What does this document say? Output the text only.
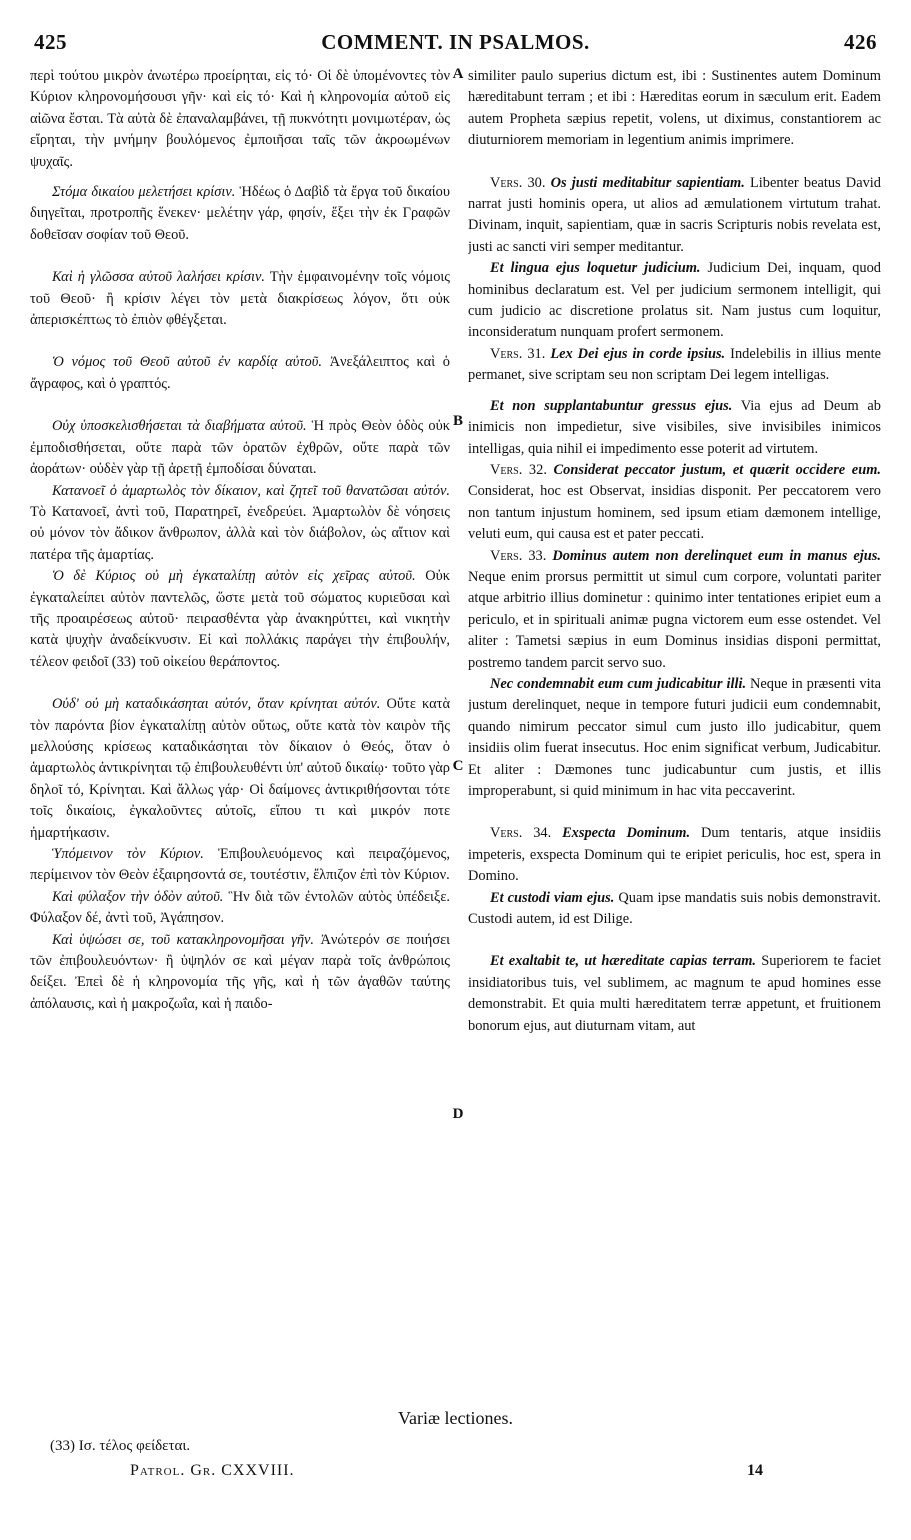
425	COMMENT. IN PSALMOS.	426

περὶ τούτου μικρὸν ἀνωτέρω προείρηται, εἰς τό· Οἱ δὲ ὑπομένοντες τὸν Κύριον κληρονομήσουσι γῆν· καὶ εἰς τό· Καὶ ἡ κληρονομία αὐτοῦ εἰς αἰῶνα ἔσται. Τὰ αὐτὰ δὲ ἐπαναλαμβάνει, τῇ πυκνότητι μονιμωτέραν, ὡς εἴρηται, τὴν μνήμην βουλόμενος ἐμποιῆσαι ταῖς τῶν ἀκροωμένων ψυχαῖς.

Στόμα δικαίου μελετήσει κρίσιν. Ἡδέως ὁ Δαβὶδ τὰ ἔργα τοῦ δικαίου διηγεῖται, προτροπῆς ἕνεκεν· μελέτην γάρ, φησίν, ἕξει τὴν ἐκ Γραφῶν δοθεῖσαν σοφίαν τοῦ Θεοῦ.

Καὶ ἡ γλῶσσα αὐτοῦ λαλήσει κρίσιν. Τὴν ἐμφαινομένην τοῖς νόμοις τοῦ Θεοῦ· ἢ κρίσιν λέγει τὸν μετὰ διακρίσεως λόγον, ὅτι οὐκ ἀπερισκέπτως τὸ ἐπιὸν φθέγξεται.

Ὁ νόμος τοῦ Θεοῦ αὐτοῦ ἐν καρδίᾳ αὐτοῦ. Ἀνεξάλειπτος καὶ ὁ ἄγραφος, καὶ ὁ γραπτός.

Οὐχ ὑποσκελισθήσεται τὰ διαβήματα αὐτοῦ. Ἡ πρὸς Θεὸν ὁδὸς οὐκ ἐμποδισθήσεται, οὔτε παρὰ τῶν ὁρατῶν ἐχθρῶν, οὔτε παρὰ τῶν ἀοράτων· οὐδὲν γὰρ τῇ ἀρετῇ ἐμποδίσαι δύναται.

Κατανοεῖ ὁ ἁμαρτωλὸς τὸν δίκαιον, καὶ ζητεῖ τοῦ θανατῶσαι αὐτόν. Τὸ Κατανοεῖ, ἀντὶ τοῦ, Παρατηρεῖ, ἐνεδρεύει. Ἁμαρτωλὸν δὲ νόησεις οὐ μόνον τὸν ἄδικον ἄνθρωπον, ἀλλὰ καὶ τὸν διάβολον, ὡς αἴτιον καὶ πατέρα τῆς ἁμαρτίας.

Ὁ δὲ Κύριος οὐ μὴ ἐγκαταλίπῃ αὐτὸν εἰς χεῖρας αὐτοῦ. Οὐκ ἐγκαταλείπει αὐτὸν παντελῶς, ὥστε μετὰ τοῦ σώματος κυριεῦσαι καὶ τῆς προαιρέσεως αὐτοῦ· πειρασθέντα γὰρ ἀνακηρύττει, καὶ νικητὴν κατὰ ψυχὴν ἀναδείκνυσιν. Εἰ καὶ πολλάκις παράγει τὴν ἐπιβουλήν, τέλεον φειδοῖ (33) τοῦ οἰκείου θεράποντος.

Οὐδ' οὐ μὴ καταδικάσηται αὐτόν, ὅταν κρίνηται αὐτόν. Οὔτε κατὰ τὸν παρόντα βίον ἐγκαταλίπῃ αὐτὸν οὕτως, οὔτε κατὰ τὸν καιρὸν τῆς μελλούσης κρίσεως καταδικάσηται τὸν δίκαιον ὁ Θεός, ὅταν ὁ ἁμαρτωλὸς ἀντικρίνηται τῷ ἐπιβουλευθέντι ὑπ' αὐτοῦ δικαίῳ· τοῦτο γὰρ δηλοῖ τό, Κρίνηται. Καὶ ἄλλως γάρ· Οἱ δαίμονες ἀντικριθήσονται τότε τοῖς δικαίοις, ἐγκαλοῦντες αὐτοῖς, εἴπου τι καὶ μικρόν ποτε ἡμαρτήκασιν.

Ὑπόμεινον τὸν Κύριον. Ἐπιβουλευόμενος καὶ πειραζόμενος, περίμεινον τὸν Θεὸν ἐξαιρησοντά σε, τουτέστιν, ἔλπιζον ἐπὶ τὸν Κύριον.

Καὶ φύλαξον τὴν ὁδὸν αὐτοῦ. Ἣν διὰ τῶν ἐντολῶν αὐτὸς ὑπέδειξε. Φύλαξον δέ, ἀντὶ τοῦ, Ἀγάπησον.

Καὶ ὑψώσει σε, τοῦ κατακληρονομῆσαι γῆν. Ἀνώτερόν σε ποιήσει τῶν ἐπιβουλευόντων· ἢ ὑψηλόν σε καὶ μέγαν παρὰ τοῖς ἀνθρώποις δείξει. Ἐπεὶ δὲ ἡ κληρονομία τῆς γῆς, καὶ ἡ τῶν ἀγαθῶν ταύτης ἀπόλαυσις, καὶ ἡ μακροζωΐα, καὶ ἡ παιδο-

A
B
C
D

similiter paulo superius dictum est, ibi : Sustinentes autem Dominum hæreditabunt terram ; et ibi : Hæreditas eorum in sæculum erit. Eadem autem Propheta sæpius repetit, volens, ut diximus, constantiorem ac diuturniorem memoriam in legentium animis imprimere.

Vers. 30. Os justi meditabitur sapientiam. Libenter beatus David narrat justi hominis opera, ut alios ad æmulationem virtutum trahat. Divinam, inquit, sapientiam, quæ in sacris Scripturis nobis revelata est, justi ac sancti viri semper meditantur.

Et lingua ejus loquetur judicium. Judicium Dei, inquam, quod hominibus declaratum est. Vel per judicium sermonem intelligit, qui cum judicio ac discretione prolatus sit. Nam justus cum loquitur, inconsideratum nunquam profert sermonem.

Vers. 31. Lex Dei ejus in corde ipsius. Indelebilis in illius mente permanet, sive scriptam seu non scriptam Dei legem intelligas.

Et non supplantabuntur gressus ejus. Via ejus ad Deum ab inimicis non impedietur, sive visibiles, sive invisibiles inimicos intelligas, quia nihil ei impedimento esse poterit ad virtutem.

Vers. 32. Considerat peccator justum, et quærit occidere eum. Considerat, hoc est Observat, insidias disponit. Per peccatorem vero non tantum injustum hominem, sed ipsum etiam dæmonem intellige, veluti eum, qui causa est et pater peccati.

Vers. 33. Dominus autem non derelinquet eum in manus ejus. Neque enim prorsus permittit ut simul cum corpore, voluntati pariter atque arbitrio illius dominetur : quinimo inter tentationes eripiet eum a periculo, et in spirituali animæ pugna victorem eum esse ostendet. Vel aliter : Tametsi sæpius in eum Dominus insidias disponi permittat, postremo tandem parcit servo suo.

Nec condemnabit eum cum judicabitur illi. Neque in præsenti vita justum derelinquet, neque in tempore futuri judicii eum condemnabit, quando nimirum peccator simul cum justo illo judicabitur, quem insidiis olim fuerat insecutus. Hoc enim significat verbum, Judicabitur. Et aliter : Dæmones tunc judicabuntur cum justis, et illis improperabunt, si quid minimum in hac vita peccaverint.

Vers. 34. Exspecta Dominum. Dum tentaris, atque insidiis impeteris, exspecta Dominum qui te eripiet periculis, hoc est, spera in Domino.

Et custodi viam ejus. Quam ipse mandatis suis nobis demonstravit. Custodi autem, id est Dilige.

Et exaltabit te, ut hæreditate capias terram. Superiorem te faciet insidiatoribus tuis, vel sublimem, ac magnum te apud homines esse demonstrabit. Et quia multi hæreditatem terræ appetunt, et fruitionem bonorum ejus, aut diuturnam vitam, aut

Variæ lectiones.
(33) Ισ. τέλος φείδεται.
Patrol. Gr. CXXVIII.	14
